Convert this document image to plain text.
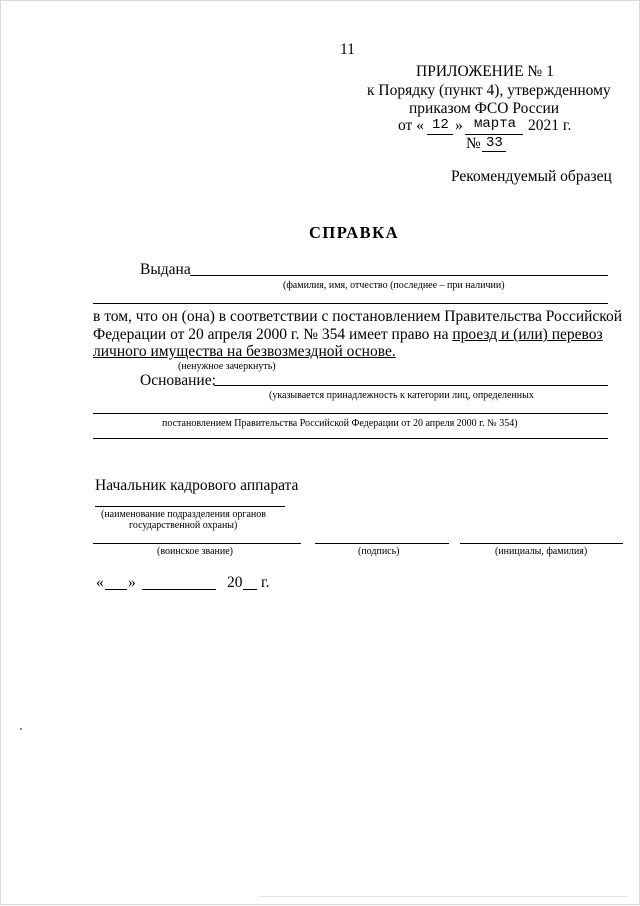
11
ПРИЛОЖЕНИЕ № 1
к Порядку (пункт 4), утвержденному
приказом ФСО России
от « 12 » марта 2021 г.
№ 33
Рекомендуемый образец
СПРАВКА
Выдана
(фамилия, имя, отчество (последнее – при наличии)
в том, что он (она) в соответствии с постановлением Правительства Российской
Федерации от 20 апреля 2000 г. № 354 имеет право на проезд и (или) перевоз
личного имущества на безвозмездной основе.
(ненужное зачеркнуть)
Основание:
(указывается принадлежность к категории лиц, определенных
постановлением Правительства Российской Федерации от 20 апреля 2000 г. № 354)
Начальник кадрового аппарата
(наименование подразделения органов
государственной охраны)
(воинское звание)	(подпись)	(инициалы, фамилия)
« »	20 г.
